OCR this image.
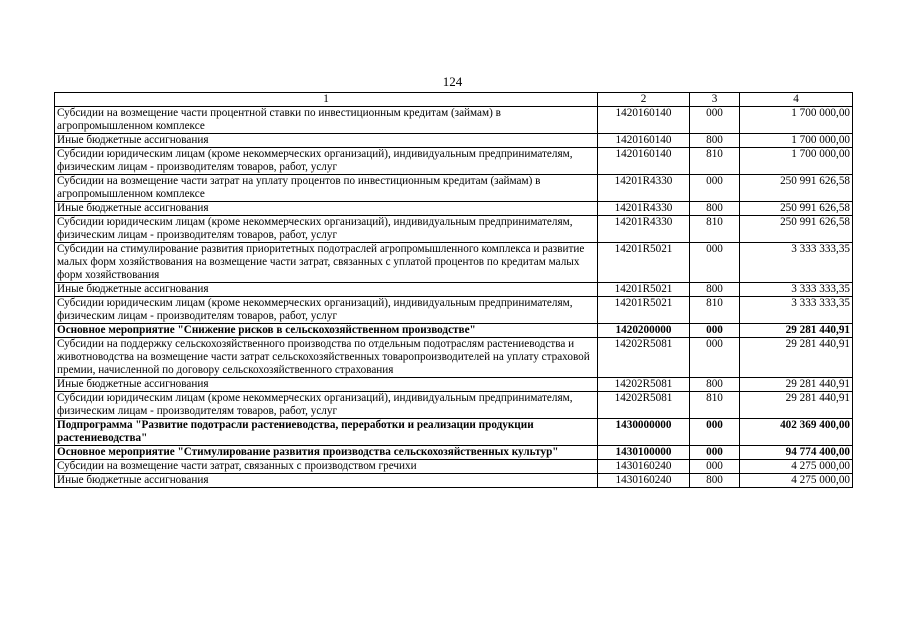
124
1	2	3	4
Субсидии на возмещение части процентной ставки по инвестиционным кредитам (займам) в агропромышленном комплексе	1420160140	000	1 700 000,00
Иные бюджетные ассигнования	1420160140	800	1 700 000,00
Субсидии юридическим лицам (кроме некоммерческих организаций), индивидуальным предпринимателям, физическим лицам - производителям товаров, работ, услуг	1420160140	810	1 700 000,00
Субсидии на возмещение части затрат на уплату процентов по инвестиционным кредитам (займам) в агропромышленном комплексе	14201R4330	000	250 991 626,58
Иные бюджетные ассигнования	14201R4330	800	250 991 626,58
Субсидии юридическим лицам (кроме некоммерческих организаций), индивидуальным предпринимателям, физическим лицам - производителям товаров, работ, услуг	14201R4330	810	250 991 626,58
Субсидии на стимулирование развития приоритетных подотраслей агропромышленного комплекса и развитие малых форм хозяйствования на возмещение части затрат, связанных с уплатой процентов по кредитам малых форм хозяйствования	14201R5021	000	3 333 333,35
Иные бюджетные ассигнования	14201R5021	800	3 333 333,35
Субсидии юридическим лицам (кроме некоммерческих организаций), индивидуальным предпринимателям, физическим лицам - производителям товаров, работ, услуг	14201R5021	810	3 333 333,35
Основное мероприятие "Снижение рисков в сельскохозяйственном производстве"	1420200000	000	29 281 440,91
Субсидии на поддержку сельскохозяйственного производства по отдельным подотраслям растениеводства и животноводства на возмещение части затрат сельскохозяйственных товаропроизводителей на уплату страховой премии, начисленной по договору сельскохозяйственного страхования	14202R5081	000	29 281 440,91
Иные бюджетные ассигнования	14202R5081	800	29 281 440,91
Субсидии юридическим лицам (кроме некоммерческих организаций), индивидуальным предпринимателям, физическим лицам - производителям товаров, работ, услуг	14202R5081	810	29 281 440,91
Подпрограмма "Развитие подотрасли растениеводства, переработки и реализации продукции растениеводства"	1430000000	000	402 369 400,00
Основное мероприятие "Стимулирование развития производства сельскохозяйственных культур"	1430100000	000	94 774 400,00
Субсидии на возмещение части затрат, связанных с производством гречихи	1430160240	000	4 275 000,00
Иные бюджетные ассигнования	1430160240	800	4 275 000,00
